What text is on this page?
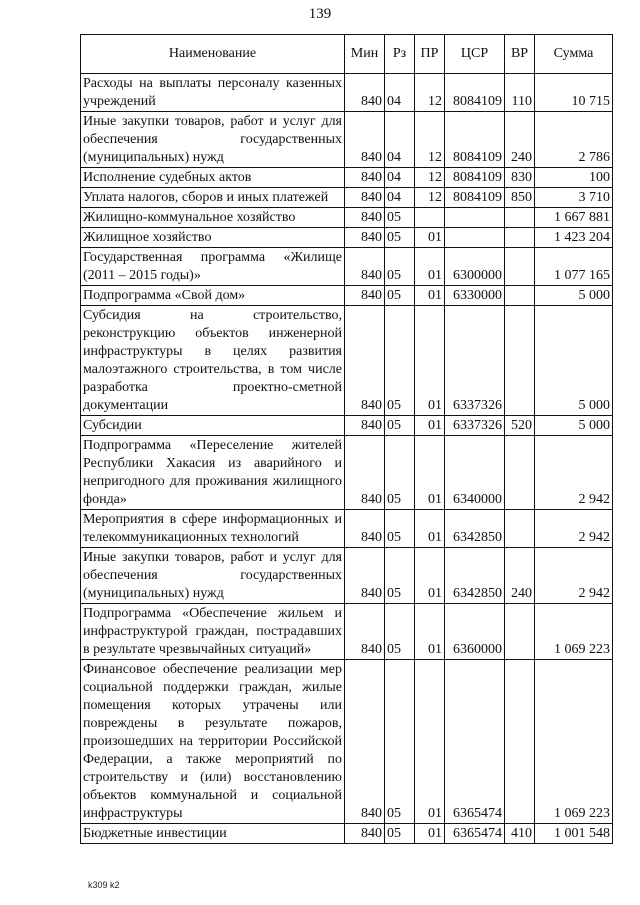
139
Наименование	Мин	Рз	ПР	ЦСР	ВР	Сумма
Расходы на выплаты персоналу казенных учреждений	840	04	12	8084109	110	10 715
Иные закупки товаров, работ и услуг для обеспечения государственных (муниципальных) нужд	840	04	12	8084109	240	2 786
Исполнение судебных актов	840	04	12	8084109	830	100
Уплата налогов, сборов и иных платежей	840	04	12	8084109	850	3 710
Жилищно-коммунальное хозяйство	840	05				1 667 881
Жилищное хозяйство	840	05	01			1 423 204
Государственная программа «Жилище (2011 – 2015 годы)»	840	05	01	6300000		1 077 165
Подпрограмма «Свой дом»	840	05	01	6330000		5 000
Субсидия на строительство, реконструкцию объектов инженерной инфраструктуры в целях развития малоэтажного строительства, в том числе разработка проектно-сметной документации	840	05	01	6337326		5 000
Субсидии	840	05	01	6337326	520	5 000
Подпрограмма «Переселение жителей Республики Хакасия из аварийного и непригодного для проживания жилищного фонда»	840	05	01	6340000		2 942
Мероприятия в сфере информационных и телекоммуникационных технологий	840	05	01	6342850		2 942
Иные закупки товаров, работ и услуг для обеспечения государственных (муниципальных) нужд	840	05	01	6342850	240	2 942
Подпрограмма «Обеспечение жильем и инфраструктурой граждан, пострадавших в результате чрезвычайных ситуаций»	840	05	01	6360000		1 069 223
Финансовое обеспечение реализации мер социальной поддержки граждан, жилые помещения которых утрачены или повреждены в результате пожаров, произошедших на территории Российской Федерации, а также мероприятий по строительству и (или) восстановлению объектов коммунальной и социальной инфраструктуры	840	05	01	6365474		1 069 223
Бюджетные инвестиции	840	05	01	6365474	410	1 001 548
k309 k2
